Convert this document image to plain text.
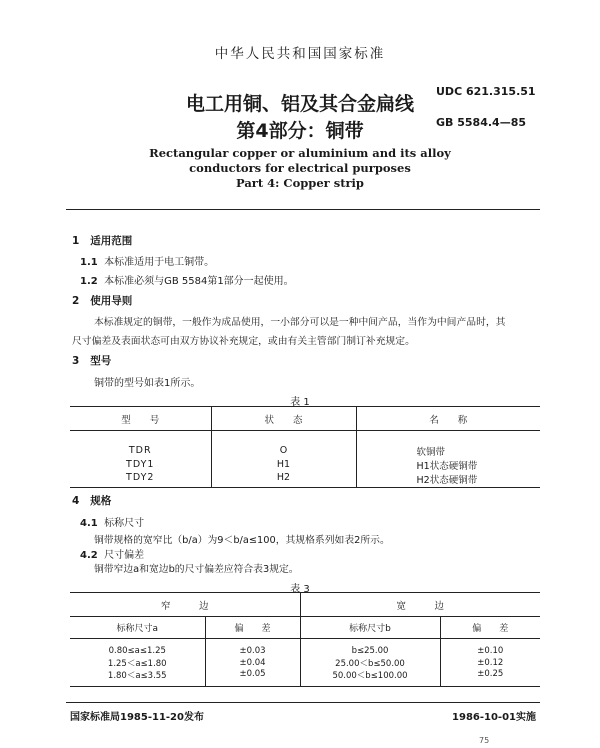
中华人民共和国国家标准
电工用铜、铝及其合金扁线
第4部分：铜带
UDC 621.315.51
GB 5584.4—85
Rectangular copper or aluminium and its alloy
conductors for electrical purposes
Part 4: Copper strip
1 适用范围
1.1 本标准适用于电工铜带。
1.2 本标准必须与GB 5584第1部分一起使用。
2 使用导则
本标准规定的铜带，一般作为成品使用，一小部分可以是一种中间产品，当作为中间产品时，其
尺寸偏差及表面状态可由双方协议补充规定，或由有关主管部门制订补充规定。
3 型号
铜带的型号如表1所示。
表 1
型　　号	状　　态	名　　称

TDR	O	软铜带
TDY1	H1	H1状态硬铜带
TDY2	H2	H2状态硬铜带
4 规格
4.1 标称尺寸
铜带规格的宽窄比（b/a）为9＜b/a≤100，其规格系列如表2所示。
4.2 尺寸偏差
铜带窄边a和宽边b的尺寸偏差应符合表3规定。
表 3
窄　　　边		宽　　　边	
标称尺寸a	偏　　差	标称尺寸b	偏　　差

0.80≤a≤1.25	±0.03	b≤25.00	±0.10
1.25＜a≤1.80	±0.04	25.00＜b≤50.00	±0.12
1.80＜a≤3.55	±0.05	50.00＜b≤100.00	±0.25
国家标准局1985-11-20发布	1986-10-01实施
75
